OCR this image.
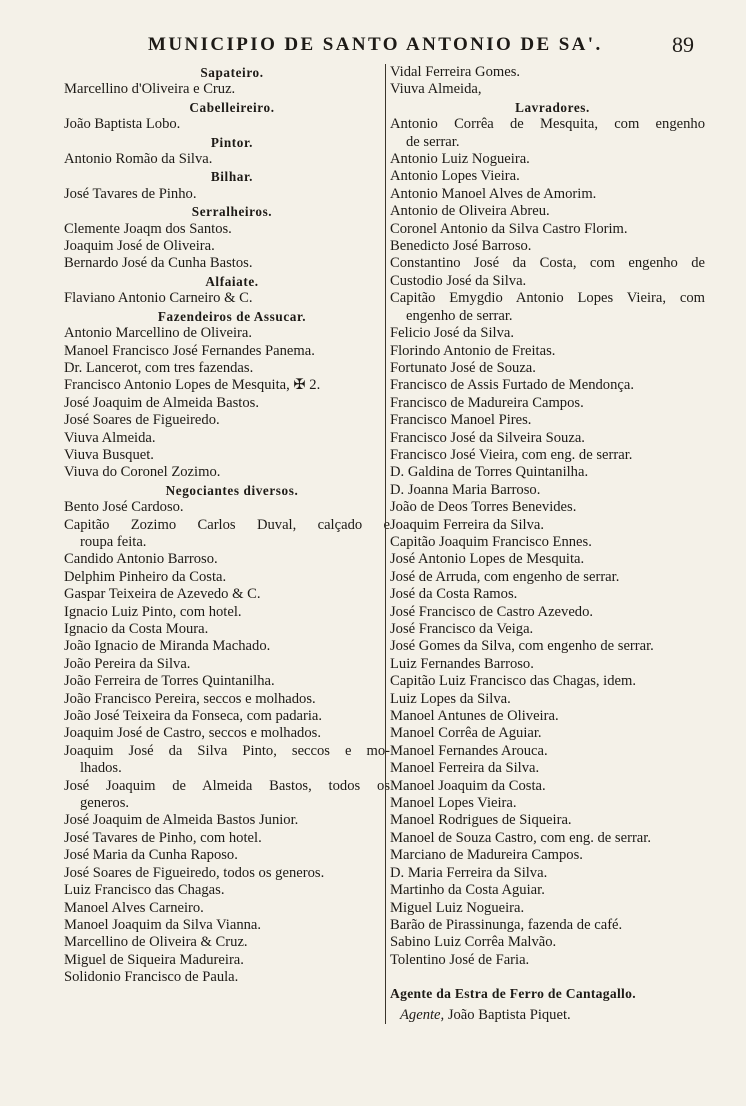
MUNICIPIO DE SANTO ANTONIO DE SA'.	89
Sapateiro.
Marcellino d'Oliveira e Cruz.
Cabelleireiro.
João Baptista Lobo.
Pintor.
Antonio Romão da Silva.
Bilhar.
José Tavares de Pinho.
Serralheiros.
Clemente Joaqm dos Santos.
Joaquim José de Oliveira.
Bernardo José da Cunha Bastos.
Alfaiate.
Flaviano Antonio Carneiro & C.
Fazendeiros de Assucar.
Antonio Marcellino de Oliveira.
Manoel Francisco José Fernandes Panema.
Dr. Lancerot, com tres fazendas.
Francisco Antonio Lopes de Mesquita, ✠ 2.
José Joaquim de Almeida Bastos.
José Soares de Figueiredo.
Viuva Almeida.
Viuva Busquet.
Viuva do Coronel Zozimo.
Negociantes diversos.
Bento José Cardoso.
Capitão Zozimo Carlos Duval, calçado e
roupa feita.
Candido Antonio Barroso.
Delphim Pinheiro da Costa.
Gaspar Teixeira de Azevedo & C.
Ignacio Luiz Pinto, com hotel.
Ignacio da Costa Moura.
João Ignacio de Miranda Machado.
João Pereira da Silva.
João Ferreira de Torres Quintanilha.
João Francisco Pereira, seccos e molhados.
João José Teixeira da Fonseca, com padaria.
Joaquim José de Castro, seccos e molhados.
Joaquim José da Silva Pinto, seccos e mo-
lhados.
José Joaquim de Almeida Bastos, todos os
generos.
José Joaquim de Almeida Bastos Junior.
José Tavares de Pinho, com hotel.
José Maria da Cunha Raposo.
José Soares de Figueiredo, todos os generos.
Luiz Francisco das Chagas.
Manoel Alves Carneiro.
Manoel Joaquim da Silva Vianna.
Marcellino de Oliveira & Cruz.
Miguel de Siqueira Madureira.
Solidonio Francisco de Paula.
Vidal Ferreira Gomes.
Viuva Almeida,
Lavradores.
Antonio Corrêa de Mesquita, com engenho
de serrar.
Antonio Luiz Nogueira.
Antonio Lopes Vieira.
Antonio Manoel Alves de Amorim.
Antonio de Oliveira Abreu.
Coronel Antonio da Silva Castro Florim.
Benedicto José Barroso.
Constantino José da Costa, com engenho de
Custodio José da Silva.
Capitão Emygdio Antonio Lopes Vieira, com
engenho de serrar.
Felicio José da Silva.
Florindo Antonio de Freitas.
Fortunato José de Souza.
Francisco de Assis Furtado de Mendonça.
Francisco de Madureira Campos.
Francisco Manoel Pires.
Francisco José da Silveira Souza.
Francisco José Vieira, com eng. de serrar.
D. Galdina de Torres Quintanilha.
D. Joanna Maria Barroso.
João de Deos Torres Benevides.
Joaquim Ferreira da Silva.
Capitão Joaquim Francisco Ennes.
José Antonio Lopes de Mesquita.
José de Arruda, com engenho de serrar.
José da Costa Ramos.
José Francisco de Castro Azevedo.
José Francisco da Veiga.
José Gomes da Silva, com engenho de serrar.
Luiz Fernandes Barroso.
Capitão Luiz Francisco das Chagas, idem.
Luiz Lopes da Silva.
Manoel Antunes de Oliveira.
Manoel Corrêa de Aguiar.
Manoel Fernandes Arouca.
Manoel Ferreira da Silva.
Manoel Joaquim da Costa.
Manoel Lopes Vieira.
Manoel Rodrigues de Siqueira.
Manoel de Souza Castro, com eng. de serrar.
Marciano de Madureira Campos.
D. Maria Ferreira da Silva.
Martinho da Costa Aguiar.
Miguel Luiz Nogueira.
Barão de Pirassinunga, fazenda de café.
Sabino Luiz Corrêa Malvão.
Tolentino José de Faria.
Agente da Estra de Ferro de Cantagallo.
Agente, João Baptista Piquet.
